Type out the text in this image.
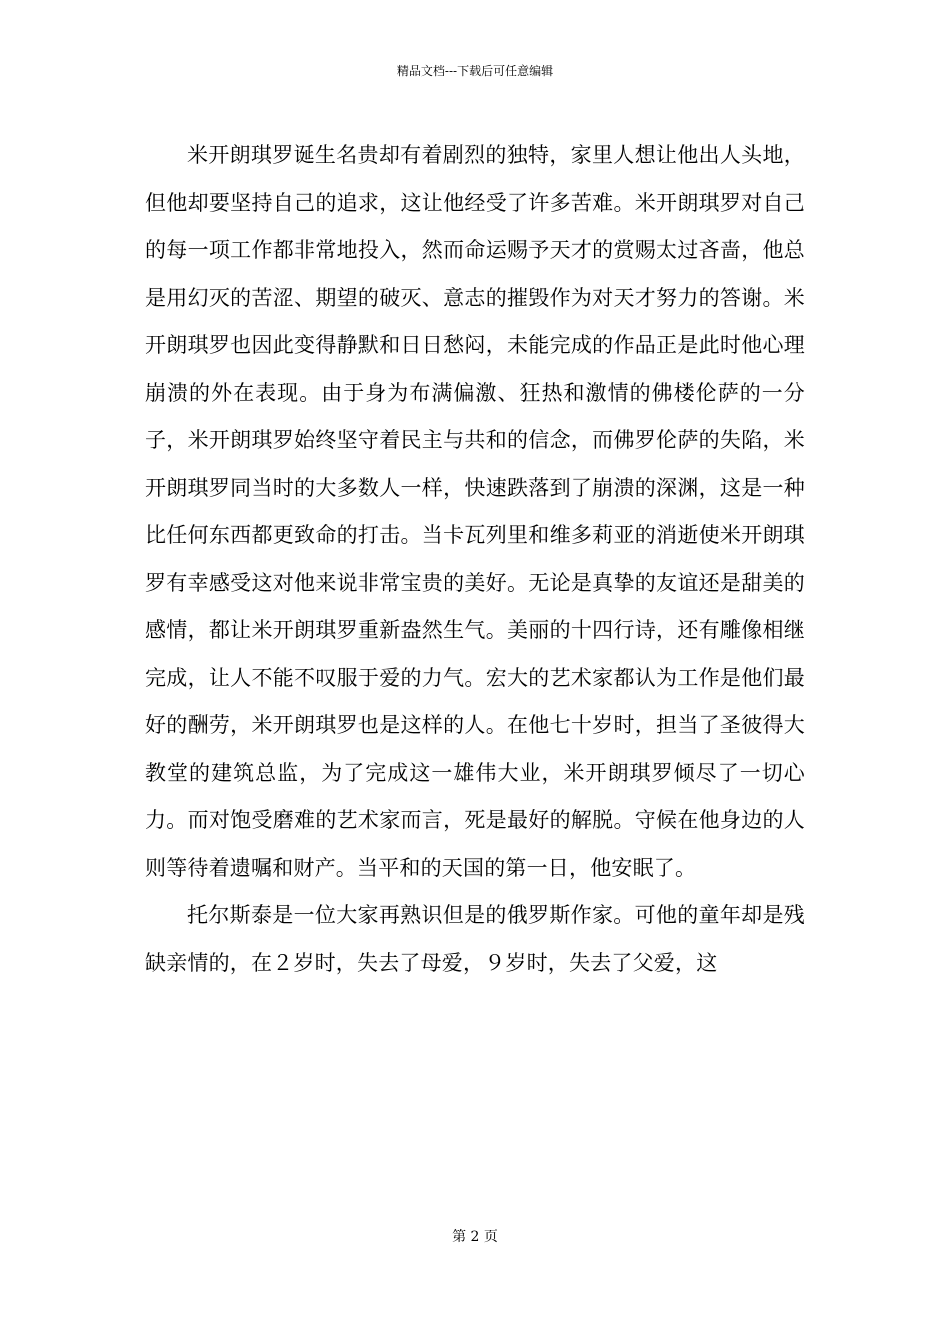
精品文档---下载后可任意编辑

米开朗琪罗诞生名贵却有着剧烈的独特，家里人想让他出人头地，但他却要坚持自己的追求，这让他经受了许多苦难。米开朗琪罗对自己的每一项工作都非常地投入，然而命运赐予天才的赏赐太过吝啬，他总是用幻灭的苦涩、期望的破灭、意志的摧毁作为对天才努力的答谢。米开朗琪罗也因此变得静默和日日愁闷，未能完成的作品正是此时他心理崩溃的外在表现。由于身为布满偏激、狂热和激情的佛楼伦萨的一分子，米开朗琪罗始终坚守着民主与共和的信念，而佛罗伦萨的失陷，米开朗琪罗同当时的大多数人一样，快速跌落到了崩溃的深渊，这是一种比任何东西都更致命的打击。当卡瓦列里和维多莉亚的消逝使米开朗琪罗有幸感受这对他来说非常宝贵的美好。无论是真挚的友谊还是甜美的感情，都让米开朗琪罗重新盎然生气。美丽的十四行诗，还有雕像相继完成，让人不能不叹服于爱的力气。宏大的艺术家都认为工作是他们最好的酬劳，米开朗琪罗也是这样的人。在他七十岁时，担当了圣彼得大教堂的建筑总监，为了完成这一雄伟大业，米开朗琪罗倾尽了一切心力。而对饱受磨难的艺术家而言，死是最好的解脱。守候在他身边的人则等待着遗嘱和财产。当平和的天国的第一日，他安眠了。

托尔斯泰是一位大家再熟识但是的俄罗斯作家。可他的童年却是残缺亲情的，在２岁时，失去了母爱，９岁时，失去了父爱，这

第 2 页
